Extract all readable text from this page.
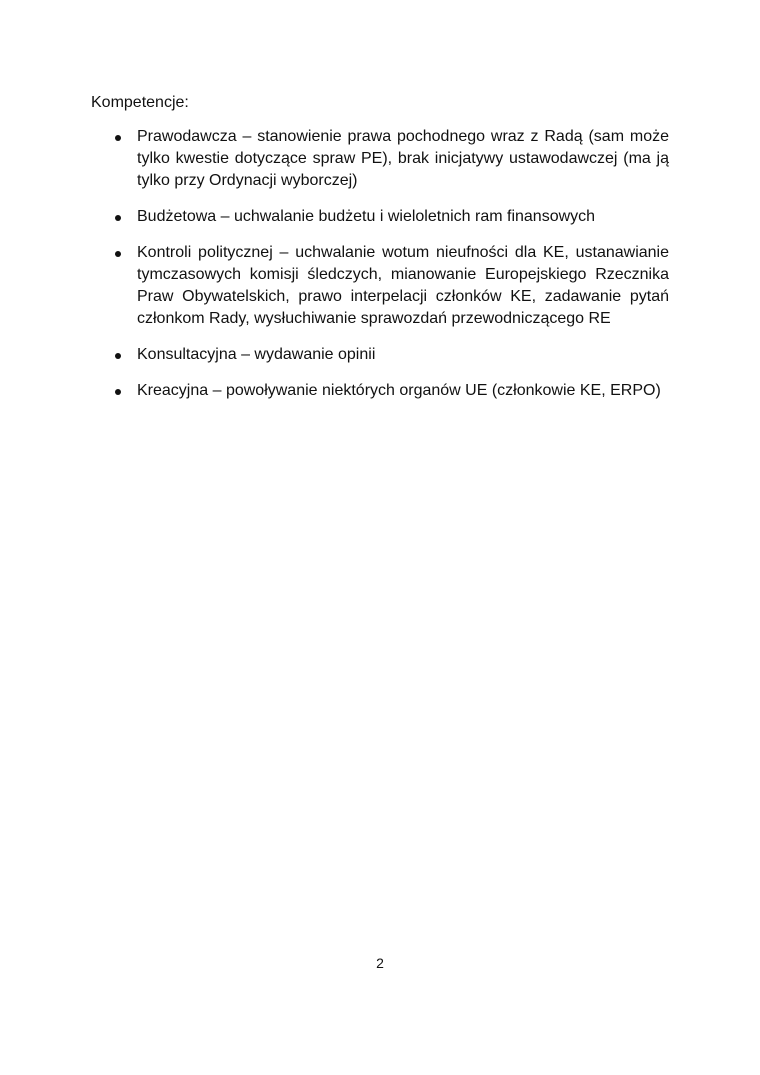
Kompetencje:

Prawodawcza – stanowienie prawa pochodnego wraz z Radą (sam może tylko kwestie dotyczące spraw PE), brak inicjatywy ustawodawczej (ma ją tylko przy Ordynacji wyborczej)
Budżetowa – uchwalanie budżetu i wieloletnich ram finansowych
Kontroli politycznej – uchwalanie wotum nieufności dla KE, ustanawianie tymczasowych komisji śledczych, mianowanie Europejskiego Rzecznika Praw Obywatelskich, prawo interpelacji członków KE, zadawanie pytań członkom Rady, wysłuchiwanie sprawozdań przewodniczącego RE
Konsultacyjna – wydawanie opinii
Kreacyjna – powoływanie niektórych organów UE (członkowie KE, ERPO)
2
